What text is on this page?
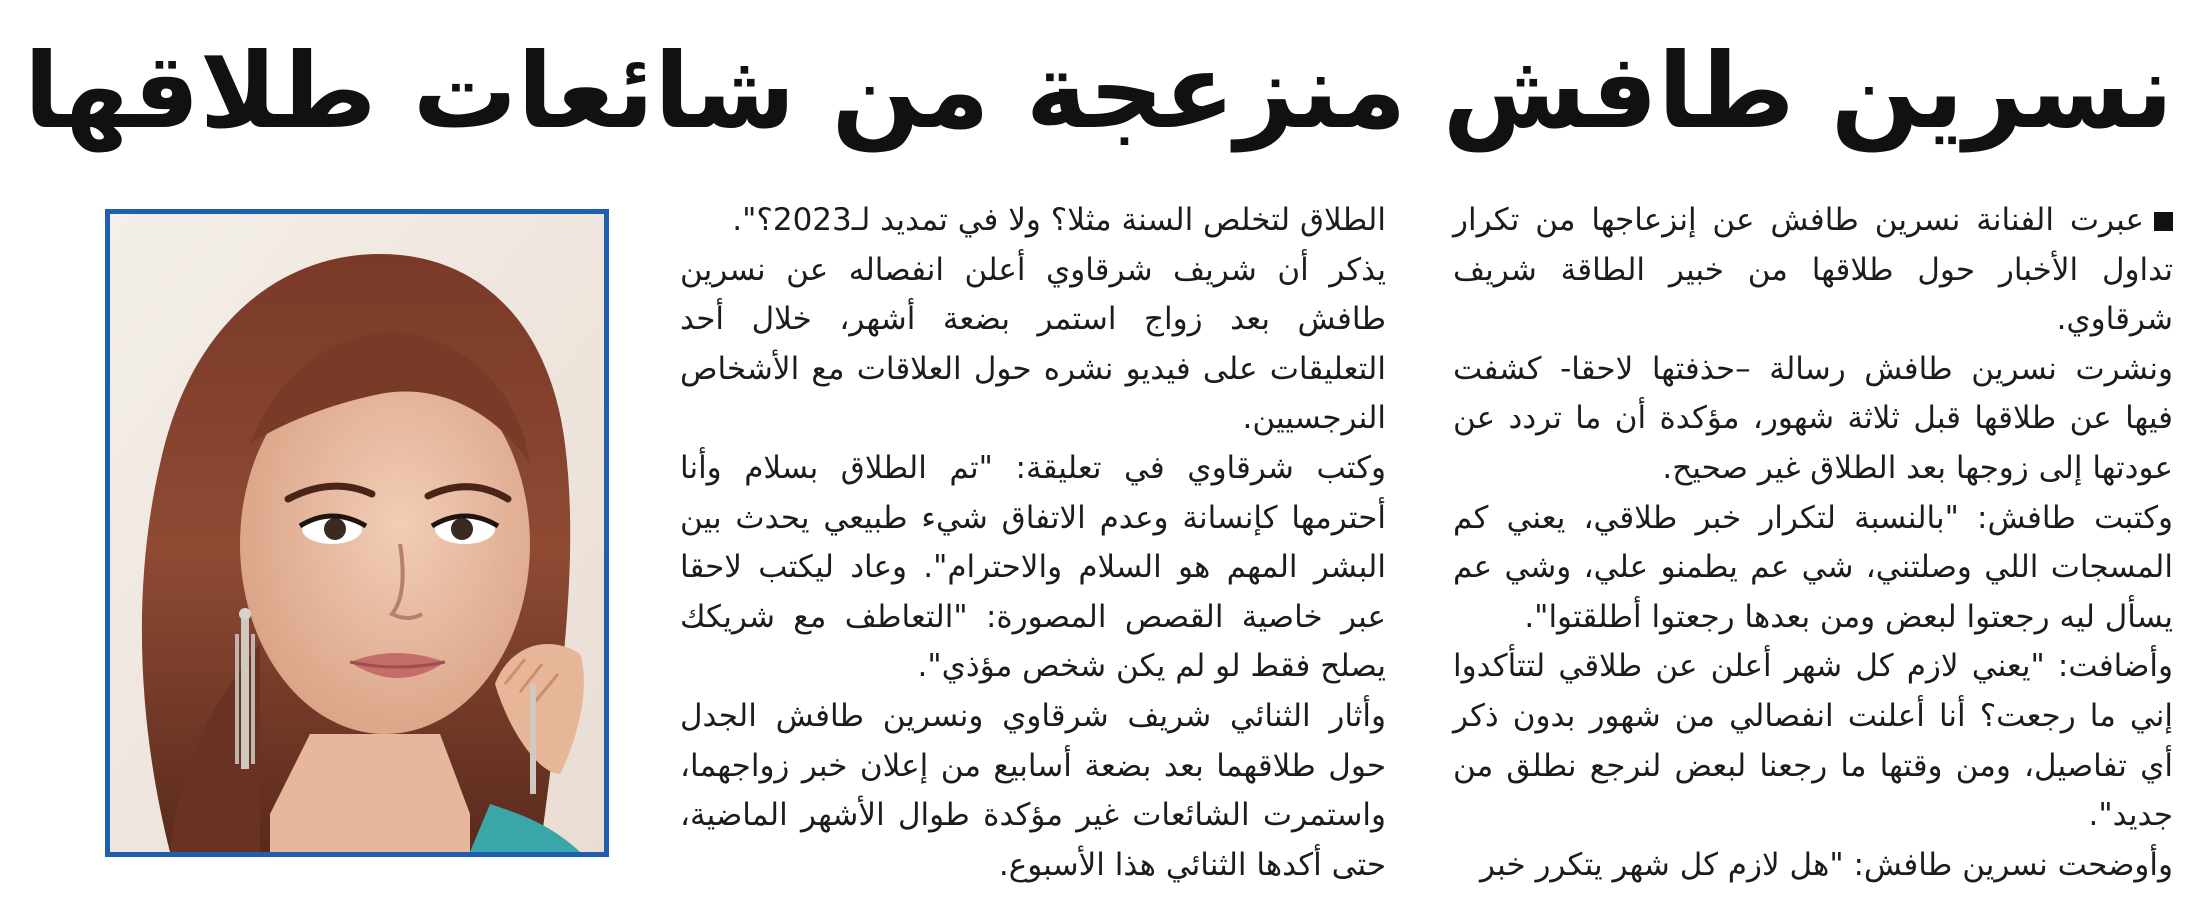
نسرين طافش منزعجة من شائعات طلاقها

عبرت الفنانة نسرين طافش عن إنزعاجها من تكرار تداول الأخبار حول طلاقها من خبير الطاقة شريف شرقاوي.

ونشرت نسرين طافش رسالة –حذفتها لاحقا- كشفت فيها عن طلاقها قبل ثلاثة شهور، مؤكدة أن ما تردد عن عودتها إلى زوجها بعد الطلاق غير صحيح.

وكتبت طافش: "بالنسبة لتكرار خبر طلاقي، يعني كم المسجات اللي وصلتني، شي عم يطمنو علي، وشي عم يسأل ليه رجعتوا لبعض ومن بعدها رجعتوا أطلقتوا".

وأضافت: "يعني لازم كل شهر أعلن عن طلاقي لتتأكدوا إني ما رجعت؟ أنا أعلنت انفصالي من شهور بدون ذكر أي تفاصيل، ومن وقتها ما رجعنا لبعض لنرجع نطلق من جديد".

وأوضحت نسرين طافش: "هل لازم كل شهر يتكرر خبر

الطلاق لتخلص السنة مثلا؟ ولا في تمديد لـ2023؟".

يذكر أن شريف شرقاوي أعلن انفصاله عن نسرين طافش بعد زواج استمر بضعة أشهر، خلال أحد التعليقات على فيديو نشره حول العلاقات مع الأشخاص النرجسيين.

وكتب شرقاوي في تعليقة: "تم الطلاق بسلام وأنا أحترمها كإنسانة وعدم الاتفاق شيء طبيعي يحدث بين البشر المهم هو السلام والاحترام". وعاد ليكتب لاحقا عبر خاصية القصص المصورة: "التعاطف مع شريكك يصلح فقط لو لم يكن شخص مؤذي".

وأثار الثنائي شريف شرقاوي ونسرين طافش الجدل حول طلاقهما بعد بضعة أسابيع من إعلان خبر زواجهما، واستمرت الشائعات غير مؤكدة طوال الأشهر الماضية، حتى أكدها الثنائي هذا الأسبوع.
